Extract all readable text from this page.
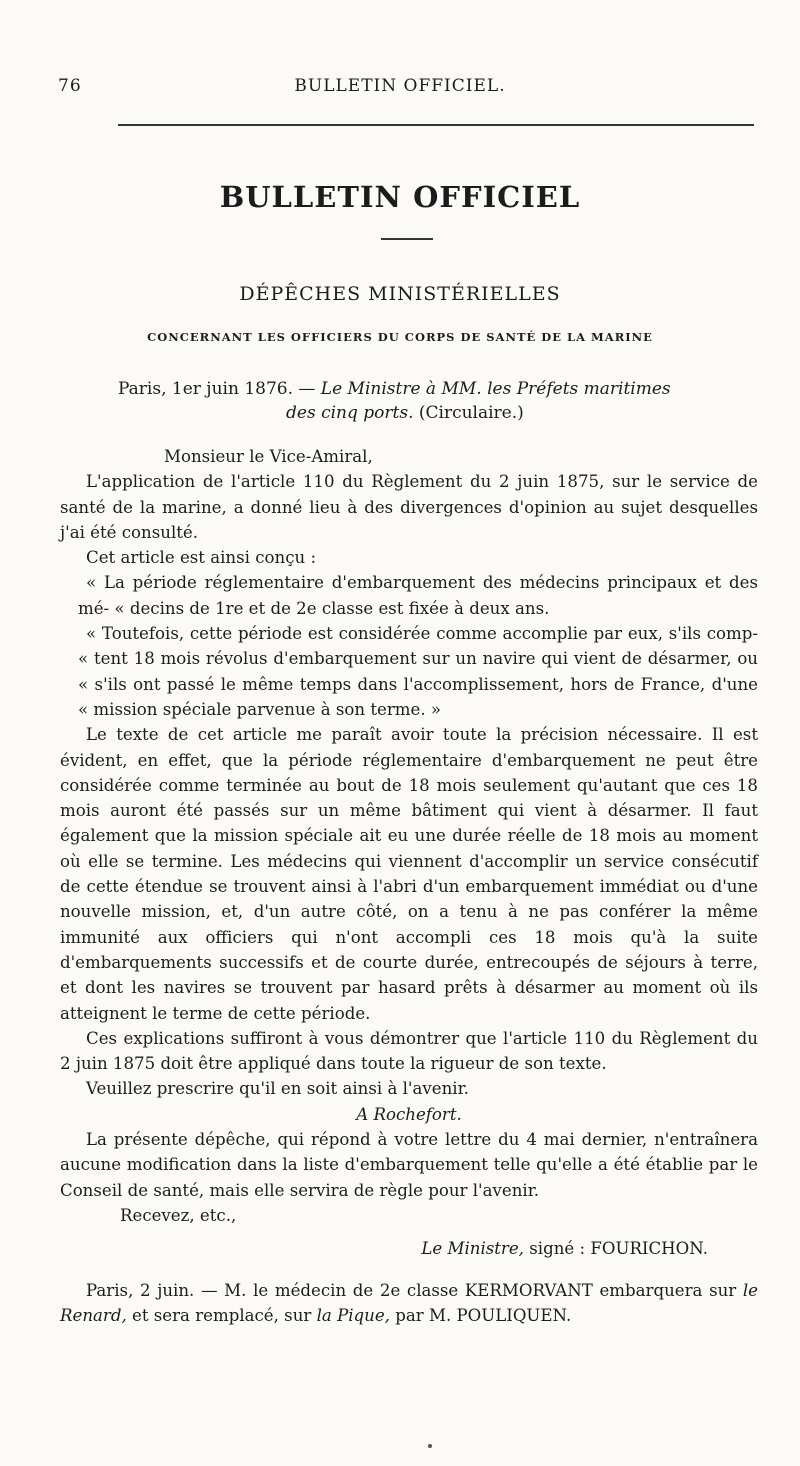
76	BULLETIN OFFICIEL.
BULLETIN OFFICIEL
DÉPÊCHES MINISTÉRIELLES
CONCERNANT LES OFFICIERS DU CORPS DE SANTÉ DE LA MARINE
Paris, 1er juin 1876. — Le Ministre à MM. les Préfets maritimes
des cinq ports. (Circulaire.)

Monsieur le Vice-Amiral,

L'application de l'article 110 du Règlement du 2 juin 1875, sur le service de santé de la marine, a donné lieu à des divergences d'opinion au sujet desquelles j'ai été consulté.

Cet article est ainsi conçu :

« La période réglementaire d'embarquement des médecins principaux et des mé- « decins de 1re et de 2e classe est fixée à deux ans.

« Toutefois, cette période est considérée comme accomplie par eux, s'ils comp- « tent 18 mois révolus d'embarquement sur un navire qui vient de désarmer, ou « s'ils ont passé le même temps dans l'accomplissement, hors de France, d'une « mission spéciale parvenue à son terme. »

Le texte de cet article me paraît avoir toute la précision nécessaire. Il est évident, en effet, que la période réglementaire d'embarquement ne peut être considérée comme terminée au bout de 18 mois seulement qu'autant que ces 18 mois auront été passés sur un même bâtiment qui vient à désarmer. Il faut également que la mission spéciale ait eu une durée réelle de 18 mois au moment où elle se termine. Les médecins qui viennent d'accomplir un service consécutif de cette étendue se trouvent ainsi à l'abri d'un embarquement immédiat ou d'une nouvelle mission, et, d'un autre côté, on a tenu à ne pas conférer la même immunité aux officiers qui n'ont accompli ces 18 mois qu'à la suite d'embarquements successifs et de courte durée, entrecoupés de séjours à terre, et dont les navires se trouvent par hasard prêts à désarmer au moment où ils atteignent le terme de cette période.

Ces explications suffiront à vous démontrer que l'article 110 du Règlement du 2 juin 1875 doit être appliqué dans toute la rigueur de son texte.

Veuillez prescrire qu'il en soit ainsi à l'avenir.

A Rochefort.

La présente dépêche, qui répond à votre lettre du 4 mai dernier, n'entraînera aucune modification dans la liste d'embarquement telle qu'elle a été établie par le Conseil de santé, mais elle servira de règle pour l'avenir.

Recevez, etc.,

Le Ministre, signé : FOURICHON.

Paris, 2 juin. — M. le médecin de 2e classe KERMORVANT embarquera sur le Renard, et sera remplacé, sur la Pique, par M. POULIQUEN.
